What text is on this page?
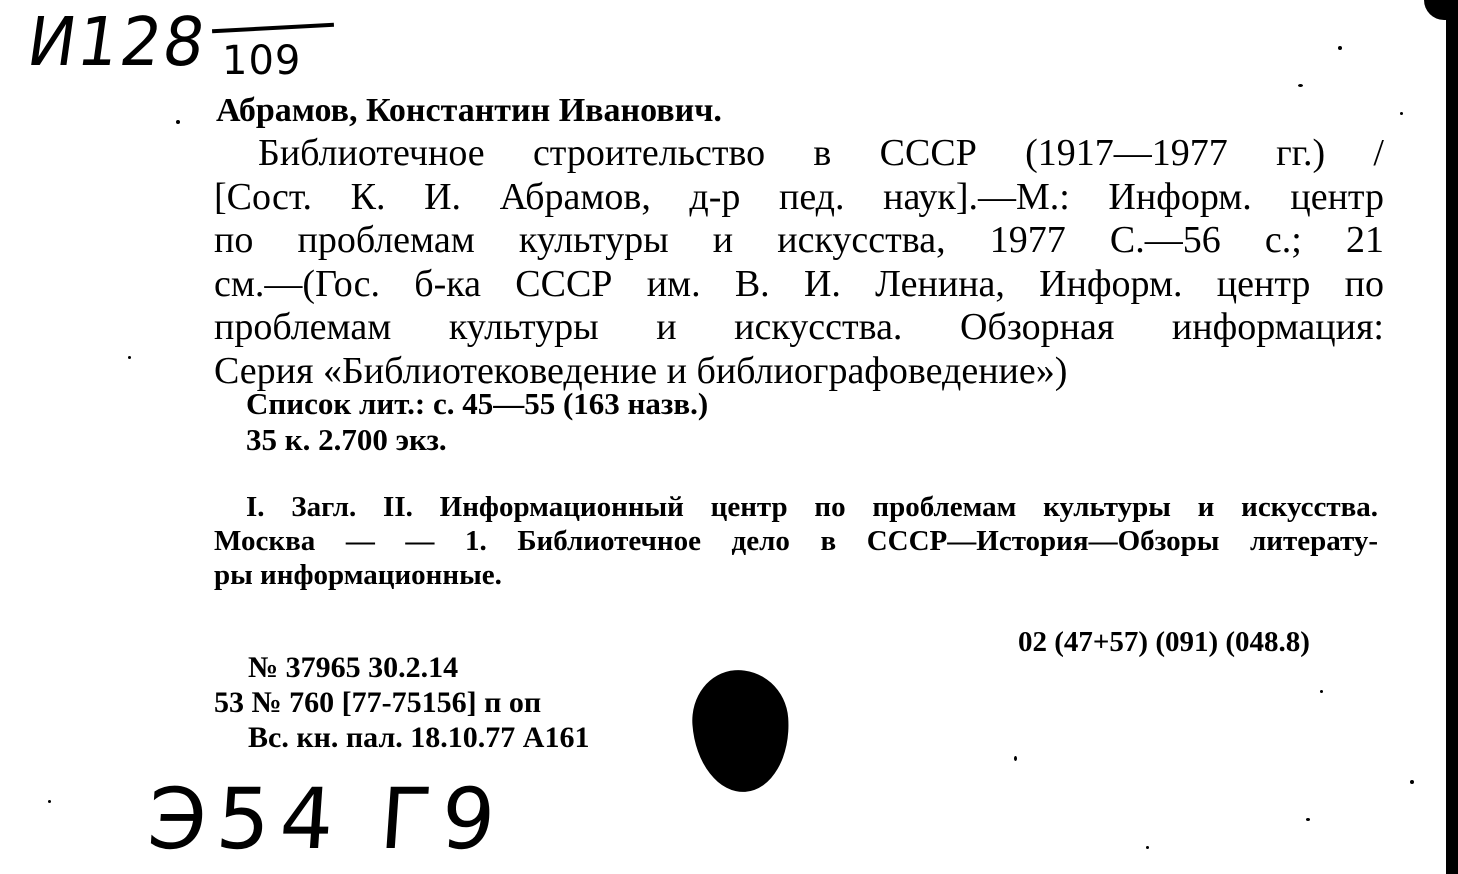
И128 109
Абрамов, Константин Иванович.
Библиотечное строительство в СССР (1917—1977 гг.) /
[Сост. К. И. Абрамов, д-р пед. наук].—М.: Информ. центр
по проблемам культуры и искусства, 1977 С.—56 с.; 21
см.—(Гос. б-ка СССР им. В. И. Ленина, Информ. центр по
проблемам культуры и искусства. Обзорная информация:
Серия «Библиотековедение и библиографоведение»)
Список лит.: с. 45—55 (163 назв.)
35 к. 2.700 экз.
I. Загл. II. Информационный центр по проблемам культуры и искусства.
Москва — — 1. Библиотечное дело в СССР—История—Обзоры литерату-
ры информационные.
02 (47+57) (091) (048.8)
№ 37965 30.2.14
53 № 760 [77-75156] п оп
Вс. кн. пал. 18.10.77 А161
Э54 Г9
